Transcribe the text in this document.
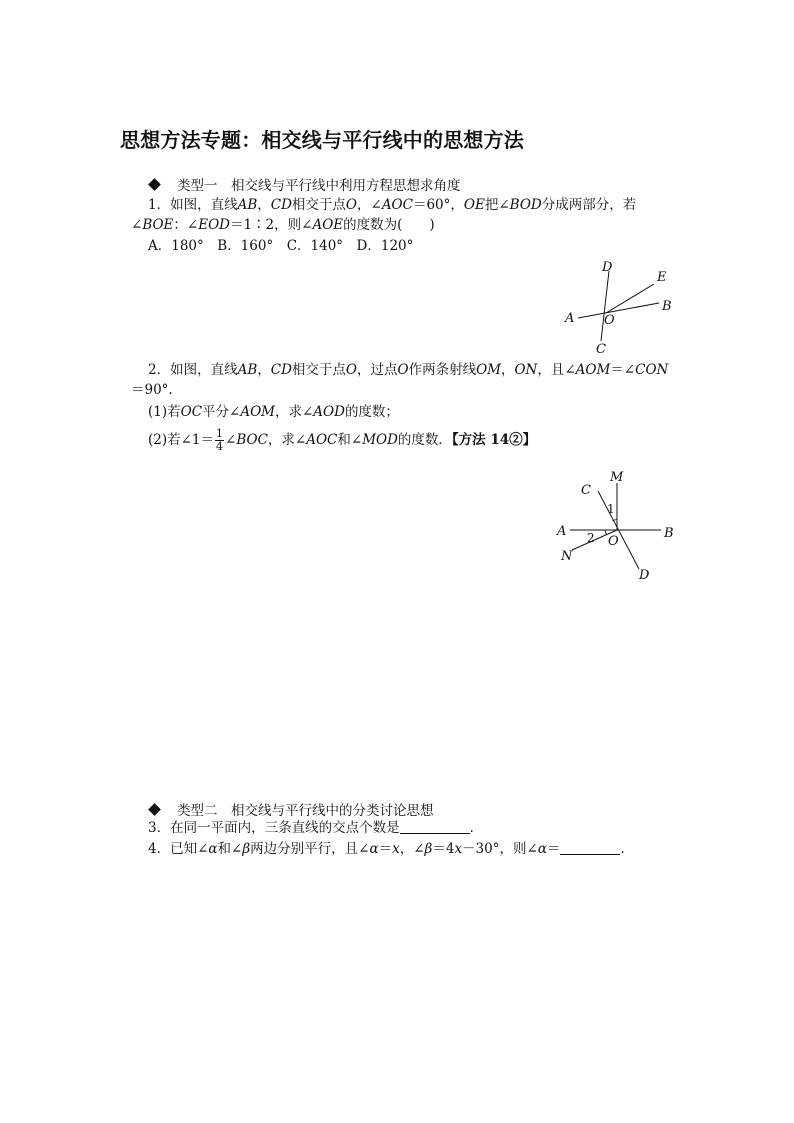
思想方法专题：相交线与平行线中的思想方法
类型一　相交线与平行线中利用方程思想求角度
1．如图，直线AB，CD相交于点O，∠AOC＝60°，OE把∠BOD分成两部分，若
∠BOE：∠EOD＝1∶2，则∠AOE的度数为(　　)
A．180°　B．160°　C．140°　D．120°
D
E
B
A O
C
2．如图，直线AB，CD相交于点O，过点O作两条射线OM，ON，且∠AOM＝∠CON
＝90°.
(1)若OC平分∠AOM，求∠AOD的度数；
(2)若∠1＝ $\frac{1}{4}$ ∠BOC，求∠AOC和∠MOD的度数．【方法 14②】
M
C
1
A	B
2 O
N
D
类型二　相交线与平行线中的分类讨论思想
3．在同一平面内，三条直线的交点个数是	．
4．已知∠α和∠β两边分别平行，且∠α＝x，∠β＝4x－30°，则∠α＝	．
